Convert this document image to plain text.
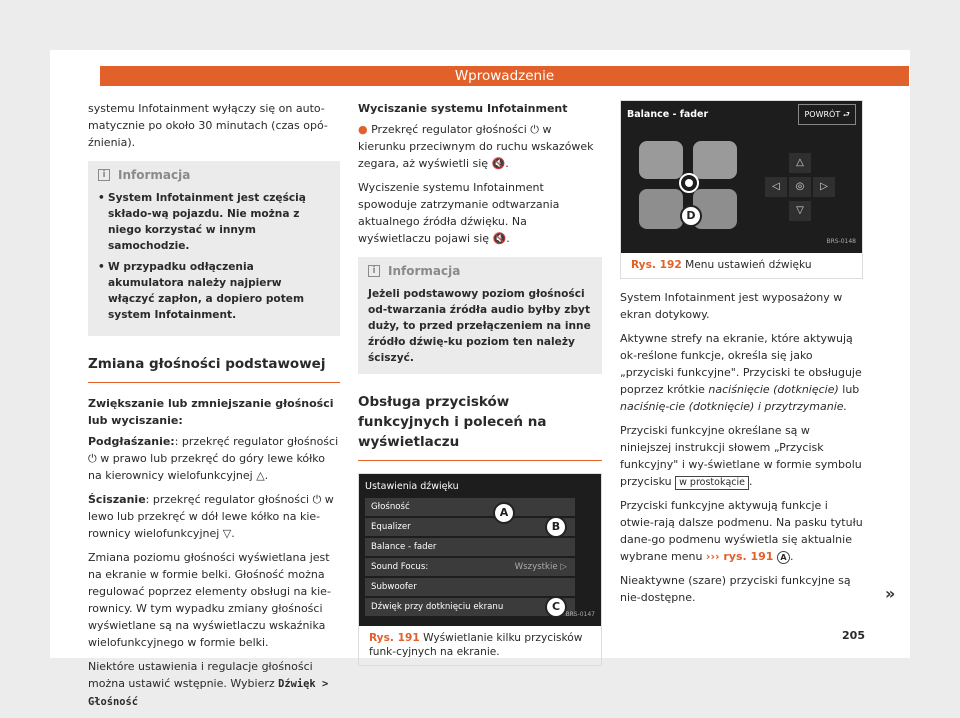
Wprowadzenie

systemu Infotainment wyłączy się on auto-matycznie po około 30 minutach (czas opó-źnienia).

i	Informacja
• System Infotainment jest częścią składo-wą pojazdu. Nie można z niego korzystać w innym samochodzie.
• W przypadku odłączenia akumulatora należy najpierw włączyć zapłon, a dopiero potem system Infotainment.
Zmiana głośności podstawowej

Zwiększanie lub zmniejszanie głośności lub wyciszanie:

Podgłaśzanie:: przekręć regulator głośności ⏻ w prawo lub przekręć do góry lewe kółko na kierownicy wielofunkcyjnej △.

Ściszanie: przekręć regulator głośności ⏻ w lewo lub przekręć w dół lewe kółko na kie-rownicy wielofunkcyjnej ▽.

Zmiana poziomu głośności wyświetlana jest na ekranie w formie belki. Głośność można regulować poprzez elementy obsługi na kie-rownicy. W tym wypadku zmiany głośności wyświetlane są na wyświetlaczu wskaźnika wielofunkcyjnego w formie belki.

Niektóre ustawienia i regulacje głośności można ustawić wstępnie. Wybierz Dźwięk > Głośność

Wyciszanie systemu Infotainment

● Przekręć regulator głośności ⏻ w kierunku przeciwnym do ruchu wskazówek zegara, aż wyświetli się 🔇.

Wyciszenie systemu Infotainment spowoduje zatrzymanie odtwarzania aktualnego źródła dźwięku. Na wyświetlaczu pojawi się 🔇.

i	Informacja
Jeżeli podstawowy poziom głośności od-twarzania źródła audio byłby zbyt duży, to przed przełączeniem na inne źródło dźwię-ku poziom ten należy ściszyć.
Obsługa przycisków funkcyjnych i poleceń na wyświetlaczu
Ustawienia dźwięku
Głośność
Equalizer
Balance - fader
Sound Focus:	Wszystkie ▷
Subwoofer
Dźwięk przy dotknięciu ekranu
A
B
C
BRS-0147
Rys. 191 Wyświetlanie kilku przycisków funk-cyjnych na ekranie.
Balance - fader	POWRÓT ⮐
△
◁	◎	▷
▽
D
BRS-0148
Rys. 192 Menu ustawień dźwięku

System Infotainment jest wyposażony w ekran dotykowy.

Aktywne strefy na ekranie, które aktywują ok-reślone funkcje, określa się jako „przyciski funkcyjne". Przyciski te obsługuje poprzez krótkie naciśnięcie (dotknięcie) lub naciśnię-cie (dotknięcie) i przytrzymanie.

Przyciski funkcyjne określane są w niniejszej instrukcji słowem „Przycisk funkcyjny" i wy-świetlane w formie symbolu przycisku w prostokącie .

Przyciski funkcyjne aktywują funkcje i otwie-rają dalsze podmenu. Na pasku tytułu dane-go podmenu wyświetla się aktualnie wybrane menu ››› rys. 191 A .

Nieaktywne (szare) przyciski funkcyjne są nie-dostępne.	»
205
